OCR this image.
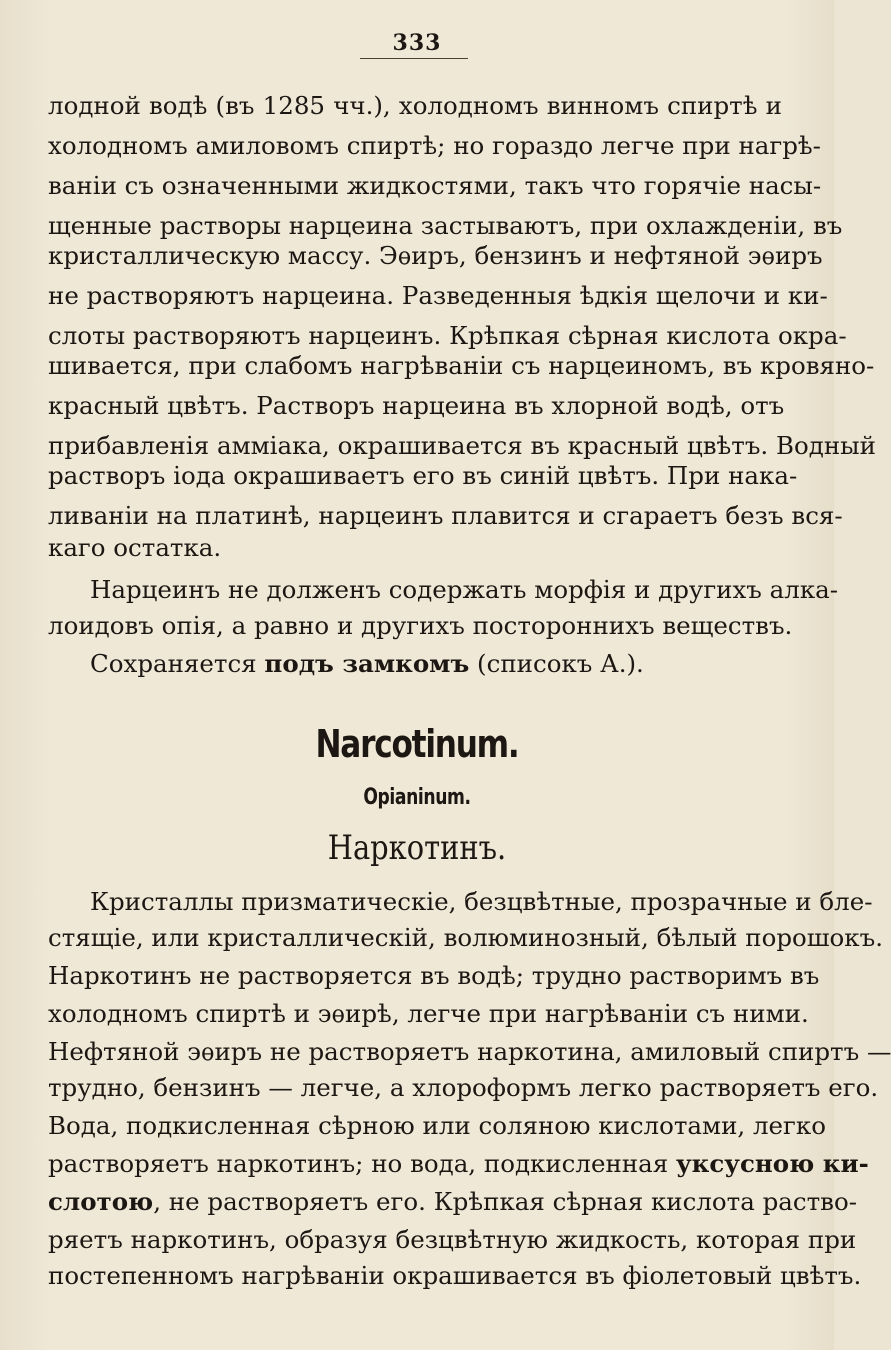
333
лодной водѣ (въ 1285 чч.), холодномъ винномъ спиртѣ и
холодномъ амиловомъ спиртѣ; но гораздо легче при нагрѣ-
ваніи съ означенными жидкостями, такъ что горячіе насы-
щенные растворы нарцеина застываютъ, при охлажденіи, въ
кристаллическую массу. Эѳиръ, бензинъ и нефтяной эѳиръ
не растворяютъ нарцеина. Разведенныя ѣдкія щелочи и ки-
слоты растворяютъ нарцеинъ. Крѣпкая сѣрная кислота окра-
шивается, при слабомъ нагрѣваніи съ нарцеиномъ, въ кровяно-
красный цвѣтъ. Растворъ нарцеина въ хлорной водѣ, отъ
прибавленія аммiака, окрашивается въ красный цвѣтъ. Водный
растворъ іода окрашиваетъ его въ синій цвѣтъ. При нака-
ливаніи на платинѣ, нарцеинъ плавится и сгараетъ безъ вся-
каго остатка.
Нарцеинъ не долженъ содержать морфія и другихъ алка-
лоидовъ опія, а равно и другихъ постороннихъ веществъ.
Сохраняется подъ замкомъ (списокъ А.).
Narcotinum.
Opianinum.
Наркотинъ.
Кристаллы призматическіе, безцвѣтные, прозрачные и бле-
стящіе, или кристаллическій, волюминозный, бѣлый порошокъ.
Наркотинъ не растворяется въ водѣ; трудно растворимъ въ
холодномъ спиртѣ и эѳирѣ, легче при нагрѣваніи съ ними.
Нефтяной эѳиръ не растворяетъ наркотина, амиловый спиртъ —
трудно, бензинъ — легче, а хлороформъ легко растворяетъ его.
Вода, подкисленная сѣрною или соляною кислотами, легко
растворяетъ наркотинъ; но вода, подкисленная уксусною ки-
слотою, не растворяетъ его. Крѣпкая сѣрная кислота раство-
ряетъ наркотинъ, образуя безцвѣтную жидкость, которая при
постепенномъ нагрѣваніи окрашивается въ фіолетовый цвѣтъ.
